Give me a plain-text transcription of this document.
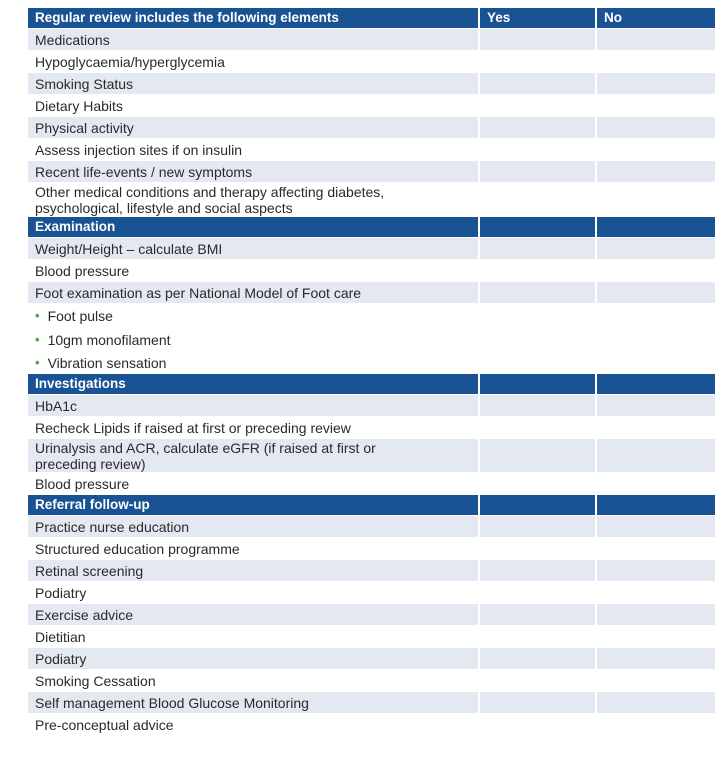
Regular review includes the following elements	Yes	No
Medications
Hypoglycaemia/hyperglycemia
Smoking Status
Dietary Habits
Physical activity
Assess injection sites if on insulin
Recent life-events / new symptoms
Other medical conditions and therapy affecting diabetes,
psychological, lifestyle and social aspects
Examination
Weight/Height – calculate BMI
Blood pressure
Foot examination as per National Model of Foot care
• Foot pulse
• 10gm monofilament
• Vibration sensation
Investigations
HbA1c
Recheck Lipids if raised at first or preceding review
Urinalysis and ACR, calculate eGFR (if raised at first or
preceding review)
Blood pressure
Referral follow-up
Practice nurse education
Structured education programme
Retinal screening
Podiatry
Exercise advice
Dietitian
Podiatry
Smoking Cessation
Self management Blood Glucose Monitoring
Pre-conceptual advice
